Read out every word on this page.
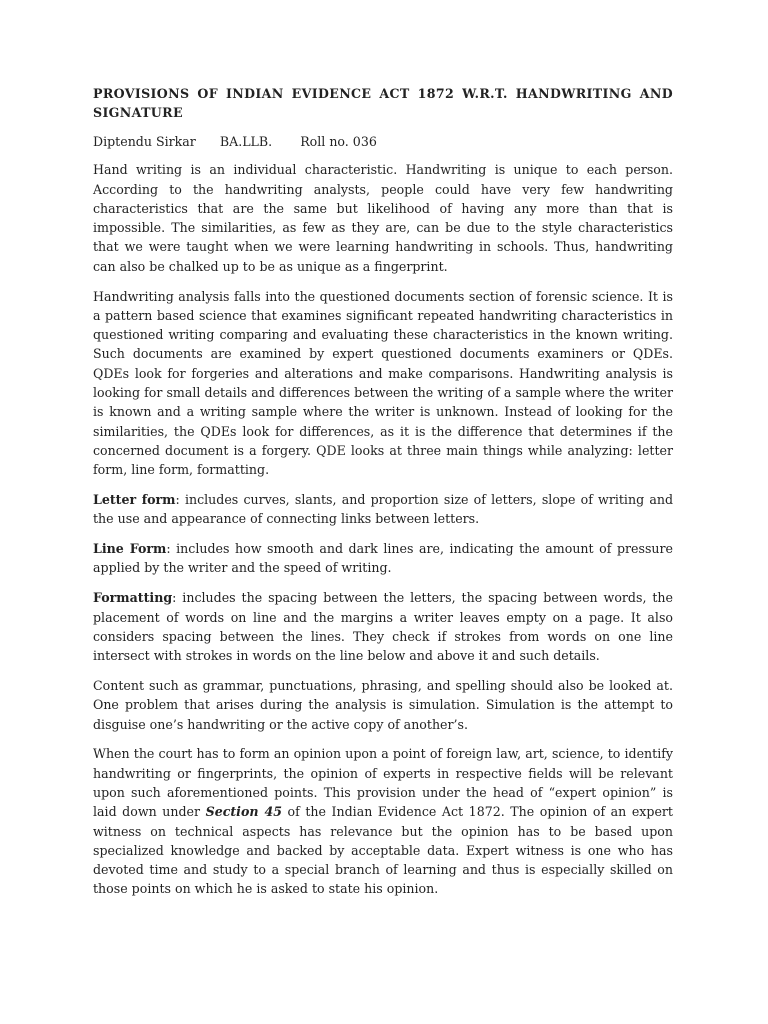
PROVISIONS OF INDIAN EVIDENCE ACT 1872 W.R.T. HANDWRITING AND SIGNATURE
Diptendu Sirkar BA.LLB. Roll no. 036

Hand writing is an individual characteristic. Handwriting is unique to each person. According to the handwriting analysts, people could have very few handwriting characteristics that are the same but likelihood of having any more than that is impossible. The similarities, as few as they are, can be due to the style characteristics that we were taught when we were learning handwriting in schools. Thus, handwriting can also be chalked up to be as unique as a fingerprint.

Handwriting analysis falls into the questioned documents section of forensic science. It is a pattern based science that examines significant repeated handwriting characteristics in questioned writing comparing and evaluating these characteristics in the known writing. Such documents are examined by expert questioned documents examiners or QDEs. QDEs look for forgeries and alterations and make comparisons. Handwriting analysis is looking for small details and differences between the writing of a sample where the writer is known and a writing sample where the writer is unknown. Instead of looking for the similarities, the QDEs look for differences, as it is the difference that determines if the concerned document is a forgery. QDE looks at three main things while analyzing: letter form, line form, formatting.

Letter form: includes curves, slants, and proportion size of letters, slope of writing and the use and appearance of connecting links between letters.

Line Form: includes how smooth and dark lines are, indicating the amount of pressure applied by the writer and the speed of writing.

Formatting: includes the spacing between the letters, the spacing between words, the placement of words on line and the margins a writer leaves empty on a page. It also considers spacing between the lines. They check if strokes from words on one line intersect with strokes in words on the line below and above it and such details.

Content such as grammar, punctuations, phrasing, and spelling should also be looked at. One problem that arises during the analysis is simulation. Simulation is the attempt to disguise one’s handwriting or the active copy of another’s.

When the court has to form an opinion upon a point of foreign law, art, science, to identify handwriting or fingerprints, the opinion of experts in respective fields will be relevant upon such aforementioned points. This provision under the head of “expert opinion” is laid down under Section 45 of the Indian Evidence Act 1872. The opinion of an expert witness on technical aspects has relevance but the opinion has to be based upon specialized knowledge and backed by acceptable data. Expert witness is one who has devoted time and study to a special branch of learning and thus is especially skilled on those points on which he is asked to state his opinion.
